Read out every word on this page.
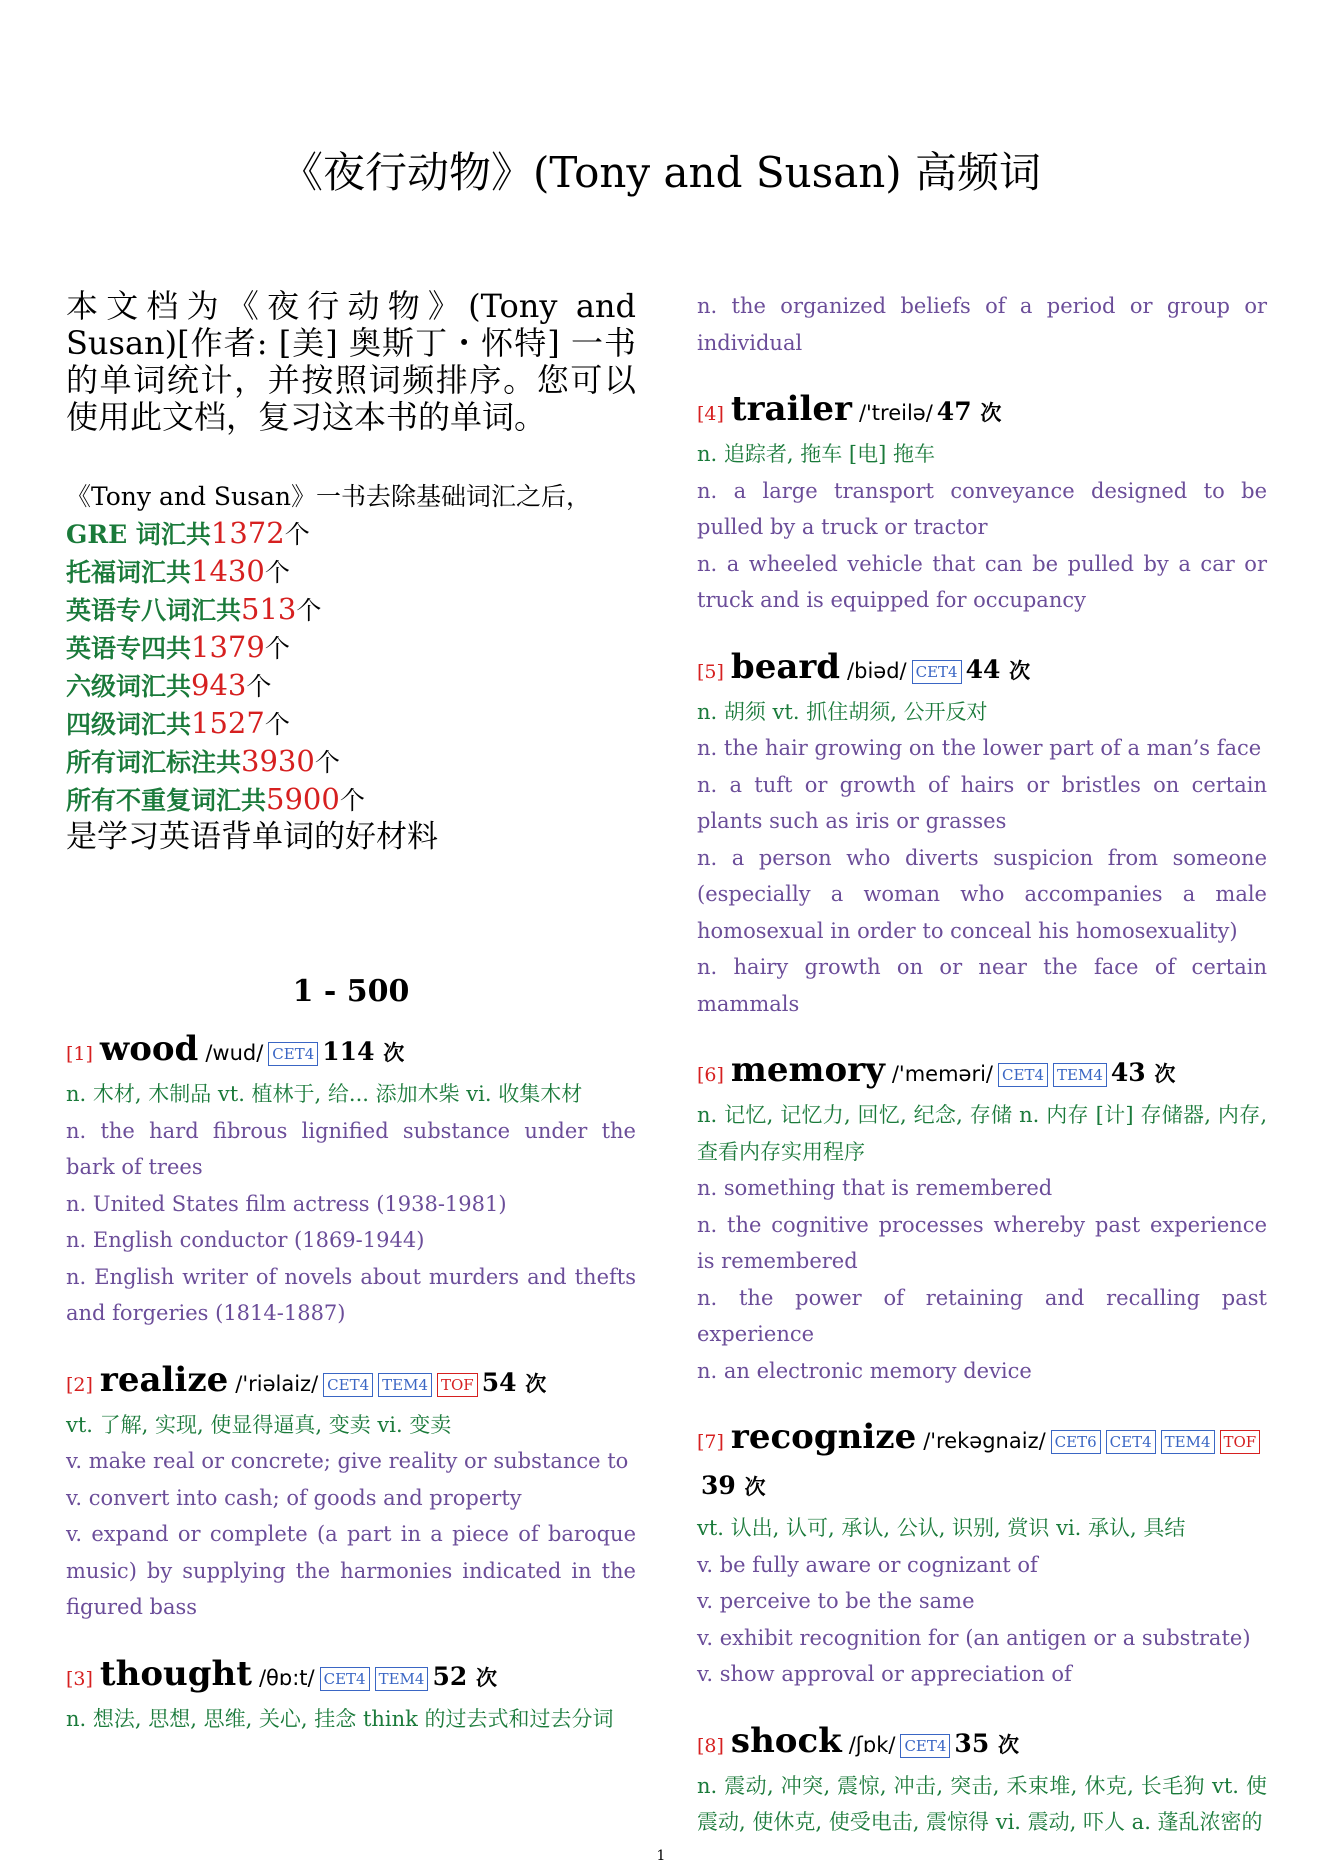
《夜行动物》(Tony and Susan) 高频词

本文档为《夜行动物》(Tony and Susan)[作者: [美] 奥斯丁・怀特] 一书的单词统计，并按照词频排序。您可以使用此文档，复习这本书的单词。

《Tony and Susan》一书去除基础词汇之后，
GRE 词汇共1372个
托福词汇共1430个
英语专八词汇共513个
英语专四共1379个
六级词汇共943个
四级词汇共1527个
所有词汇标注共3930个
所有不重复词汇共5900个
是学习英语背单词的好材料
1 - 500
[1] wood /wud/ CET4 114 次

n. 木材, 木制品 vt. 植林于, 给... 添加木柴 vi. 收集木材

n. the hard fibrous lignified substance under the bark of trees

n. United States film actress (1938-1981)

n. English conductor (1869-1944)

n. English writer of novels about murders and thefts and forgeries (1814-1887)

[2] realize /'riəlaiz/ CET4 TEM4 TOF 54 次

vt. 了解, 实现, 使显得逼真, 变卖 vi. 变卖

v. make real or concrete; give reality or substance to

v. convert into cash; of goods and property

v. expand or complete (a part in a piece of baroque music) by supplying the harmonies indicated in the figured bass

[3] thought /θɒ:t/ CET4 TEM4 52 次

n. 想法, 思想, 思维, 关心, 挂念 think 的过去式和过去分词

n. the organized beliefs of a period or group or individual

[4] trailer /'treilə/ 47 次

n. 追踪者, 拖车 [电] 拖车

n. a large transport conveyance designed to be pulled by a truck or tractor

n. a wheeled vehicle that can be pulled by a car or truck and is equipped for occupancy

[5] beard /biəd/ CET4 44 次

n. 胡须 vt. 抓住胡须, 公开反对

n. the hair growing on the lower part of a man’s face

n. a tuft or growth of hairs or bristles on certain plants such as iris or grasses

n. a person who diverts suspicion from someone (especially a woman who accompanies a male homosexual in order to conceal his homosexuality)

n. hairy growth on or near the face of certain mammals

[6] memory /'meməri/ CET4 TEM4 43 次

n. 记忆, 记忆力, 回忆, 纪念, 存储 n. 内存 [计] 存储器, 内存, 查看内存实用程序

n. something that is remembered

n. the cognitive processes whereby past experience is remembered

n. the power of retaining and recalling past experience

n. an electronic memory device

[7] recognize /'rekəgnaiz/ CET6 CET4 TEM4 TOF39 次

vt. 认出, 认可, 承认, 公认, 识别, 赏识 vi. 承认, 具结

v. be fully aware or cognizant of

v. perceive to be the same

v. exhibit recognition for (an antigen or a substrate)

v. show approval or appreciation of

[8] shock /ʃɒk/ CET4 35 次

n. 震动, 冲突, 震惊, 冲击, 突击, 禾束堆, 休克, 长毛狗 vt. 使震动, 使休克, 使受电击, 震惊得 vi. 震动, 吓人 a. 蓬乱浓密的

1
